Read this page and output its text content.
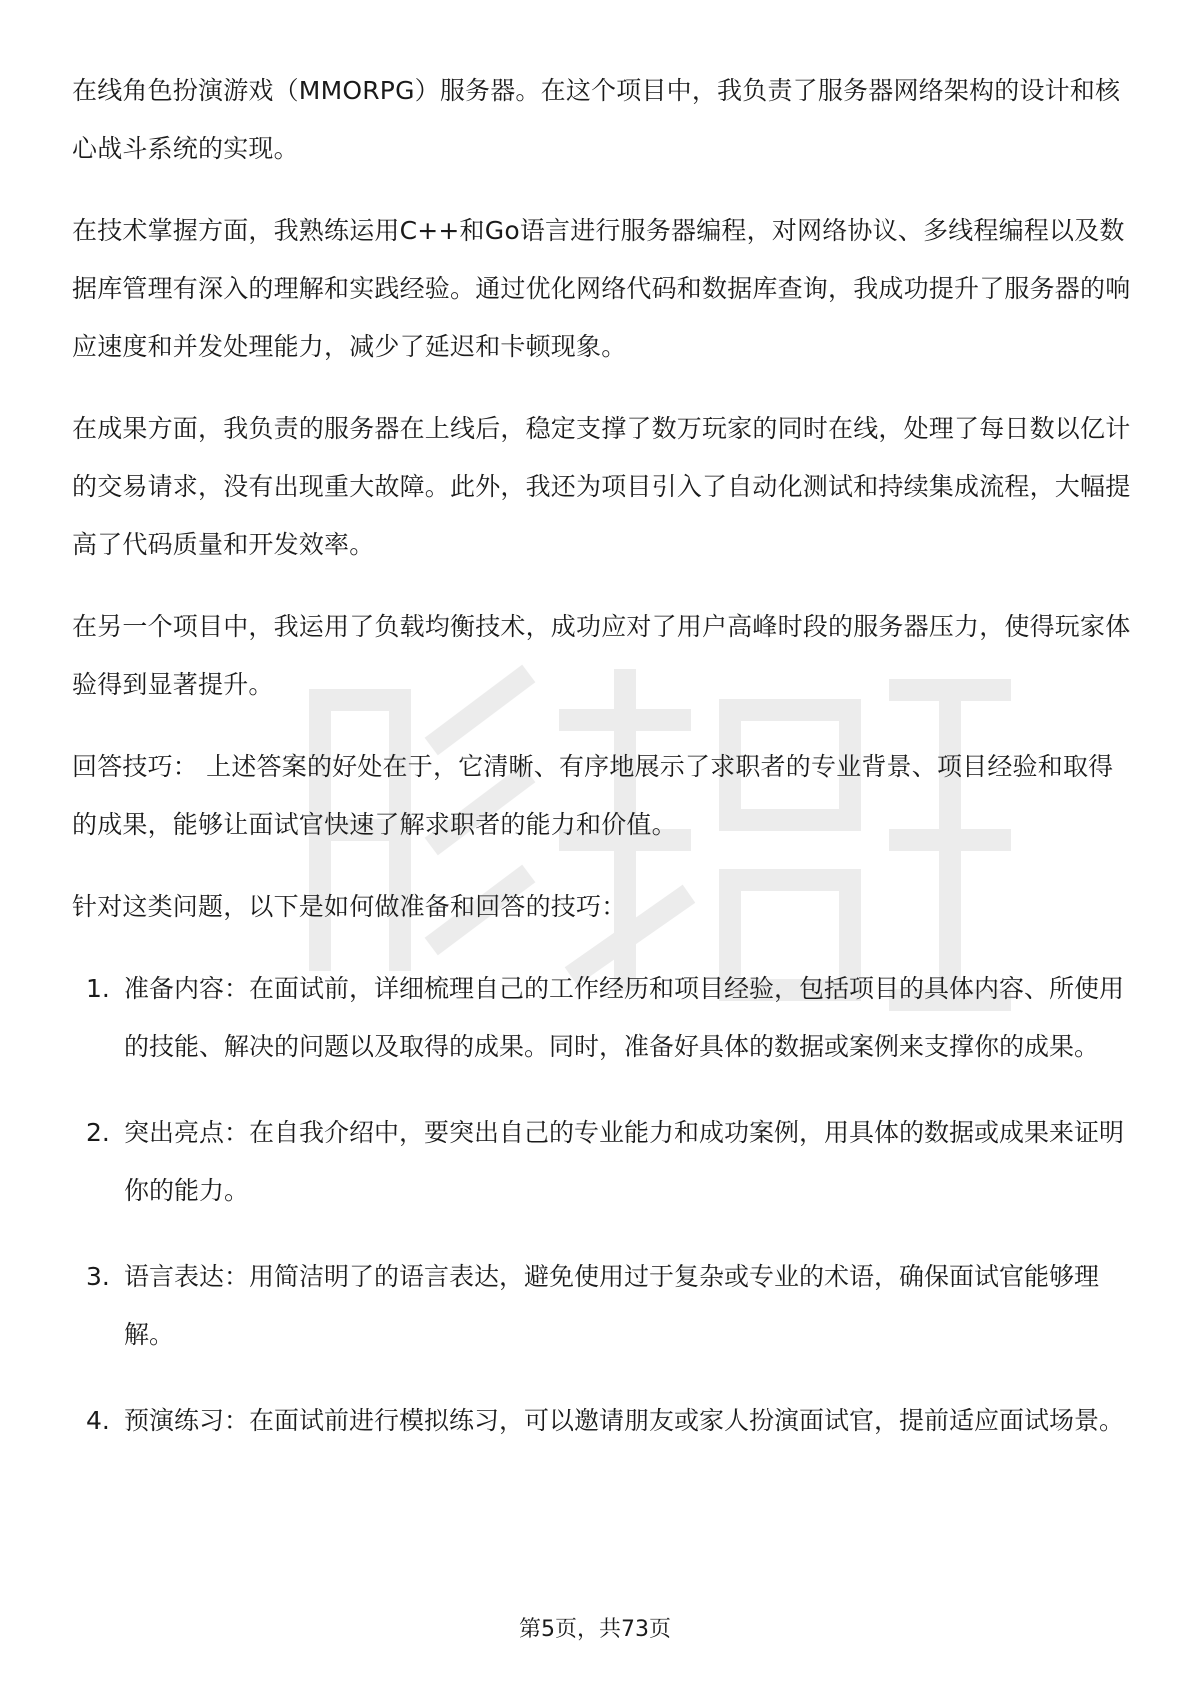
在线角色扮演游戏（MMORPG）服务器。在这个项目中，我负责了服务器网络架构的设计和核心战斗系统的实现。

在技术掌握方面，我熟练运用C++和Go语言进行服务器编程，对网络协议、多线程编程以及数据库管理有深入的理解和实践经验。通过优化网络代码和数据库查询，我成功提升了服务器的响应速度和并发处理能力，减少了延迟和卡顿现象。

在成果方面，我负责的服务器在上线后，稳定支撑了数万玩家的同时在线，处理了每日数以亿计的交易请求，没有出现重大故障。此外，我还为项目引入了自动化测试和持续集成流程，大幅提高了代码质量和开发效率。

在另一个项目中，我运用了负载均衡技术，成功应对了用户高峰时段的服务器压力，使得玩家体验得到显著提升。

回答技巧： 上述答案的好处在于，它清晰、有序地展示了求职者的专业背景、项目经验和取得的成果，能够让面试官快速了解求职者的能力和价值。

针对这类问题，以下是如何做准备和回答的技巧：

1. 准备内容：在面试前，详细梳理自己的工作经历和项目经验，包括项目的具体内容、所使用的技能、解决的问题以及取得的成果。同时，准备好具体的数据或案例来支撑你的成果。
2. 突出亮点：在自我介绍中，要突出自己的专业能力和成功案例，用具体的数据或成果来证明你的能力。
3. 语言表达：用简洁明了的语言表达，避免使用过于复杂或专业的术语，确保面试官能够理解。
4. 预演练习：在面试前进行模拟练习，可以邀请朋友或家人扮演面试官，提前适应面试场景。
第5页，共73页
